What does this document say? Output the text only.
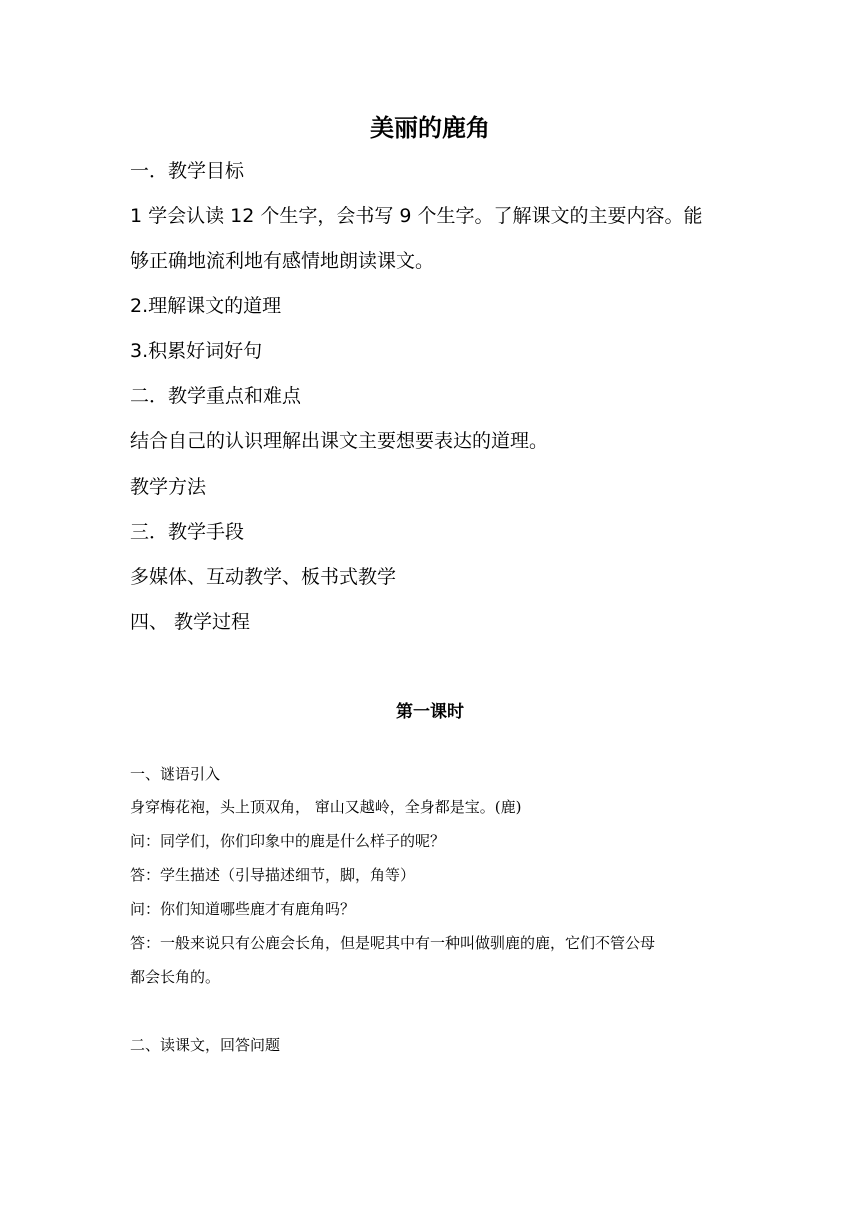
美丽的鹿角
一．教学目标
1 学会认读 12 个生字，会书写 9 个生字。了解课文的主要内容。能
够正确地流利地有感情地朗读课文。
2.理解课文的道理
3.积累好词好句
二．教学重点和难点
结合自己的认识理解出课文主要想要表达的道理。
教学方法
三．教学手段
多媒体、互动教学、板书式教学
四、 教学过程
第一课时
一、谜语引入
身穿梅花袍，头上顶双角， 窜山又越岭，全身都是宝。(鹿)
问：同学们，你们印象中的鹿是什么样子的呢？
答：学生描述（引导描述细节，脚，角等）
问：你们知道哪些鹿才有鹿角吗？
答：一般来说只有公鹿会长角，但是呢其中有一种叫做驯鹿的鹿，它们不管公母
都会长角的。
二、读课文，回答问题
